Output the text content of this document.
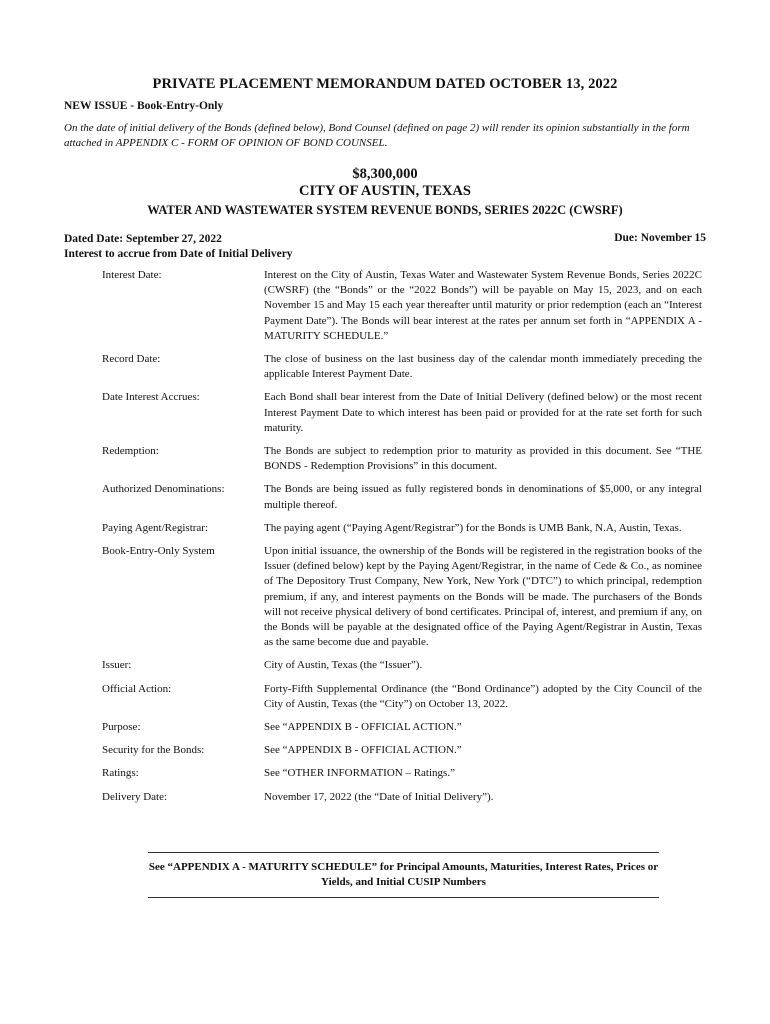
PRIVATE PLACEMENT MEMORANDUM DATED OCTOBER 13, 2022
NEW ISSUE - Book-Entry-Only
On the date of initial delivery of the Bonds (defined below), Bond Counsel (defined on page 2) will render its opinion substantially in the form attached in APPENDIX C - FORM OF OPINION OF BOND COUNSEL.
$8,300,000
CITY OF AUSTIN, TEXAS
WATER AND WASTEWATER SYSTEM REVENUE BONDS, SERIES 2022C (CWSRF)
Dated Date: September 27, 2022
Interest to accrue from Date of Initial Delivery
Due: November 15
Interest Date:	Interest on the City of Austin, Texas Water and Wastewater System Revenue Bonds, Series 2022C (CWSRF) (the “Bonds” or the “2022 Bonds”) will be payable on May 15, 2023, and on each November 15 and May 15 each year thereafter until maturity or prior redemption (each an “Interest Payment Date”). The Bonds will bear interest at the rates per annum set forth in “APPENDIX A - MATURITY SCHEDULE.”
Record Date:	The close of business on the last business day of the calendar month immediately preceding the applicable Interest Payment Date.
Date Interest Accrues:	Each Bond shall bear interest from the Date of Initial Delivery (defined below) or the most recent Interest Payment Date to which interest has been paid or provided for at the rate set forth for such maturity.
Redemption:	The Bonds are subject to redemption prior to maturity as provided in this document. See “THE BONDS - Redemption Provisions” in this document.
Authorized Denominations:	The Bonds are being issued as fully registered bonds in denominations of $5,000, or any integral multiple thereof.
Paying Agent/Registrar:	The paying agent (“Paying Agent/Registrar”) for the Bonds is UMB Bank, N.A, Austin, Texas.
Book-Entry-Only System	Upon initial issuance, the ownership of the Bonds will be registered in the registration books of the Issuer (defined below) kept by the Paying Agent/Registrar, in the name of Cede & Co., as nominee of The Depository Trust Company, New York, New York (“DTC”) to which principal, redemption premium, if any, and interest payments on the Bonds will be made. The purchasers of the Bonds will not receive physical delivery of bond certificates. Principal of, interest, and premium if any, on the Bonds will be payable at the designated office of the Paying Agent/Registrar in Austin, Texas as the same become due and payable.
Issuer:	City of Austin, Texas (the “Issuer”).
Official Action:	Forty-Fifth Supplemental Ordinance (the “Bond Ordinance”) adopted by the City Council of the City of Austin, Texas (the “City”) on October 13, 2022.
Purpose:	See “APPENDIX B - OFFICIAL ACTION.”
Security for the Bonds:	See “APPENDIX B - OFFICIAL ACTION.”
Ratings:	See “OTHER INFORMATION – Ratings.”
Delivery Date:	November 17, 2022 (the “Date of Initial Delivery”).
See “APPENDIX A - MATURITY SCHEDULE” for Principal Amounts, Maturities, Interest Rates, Prices or Yields, and Initial CUSIP Numbers
